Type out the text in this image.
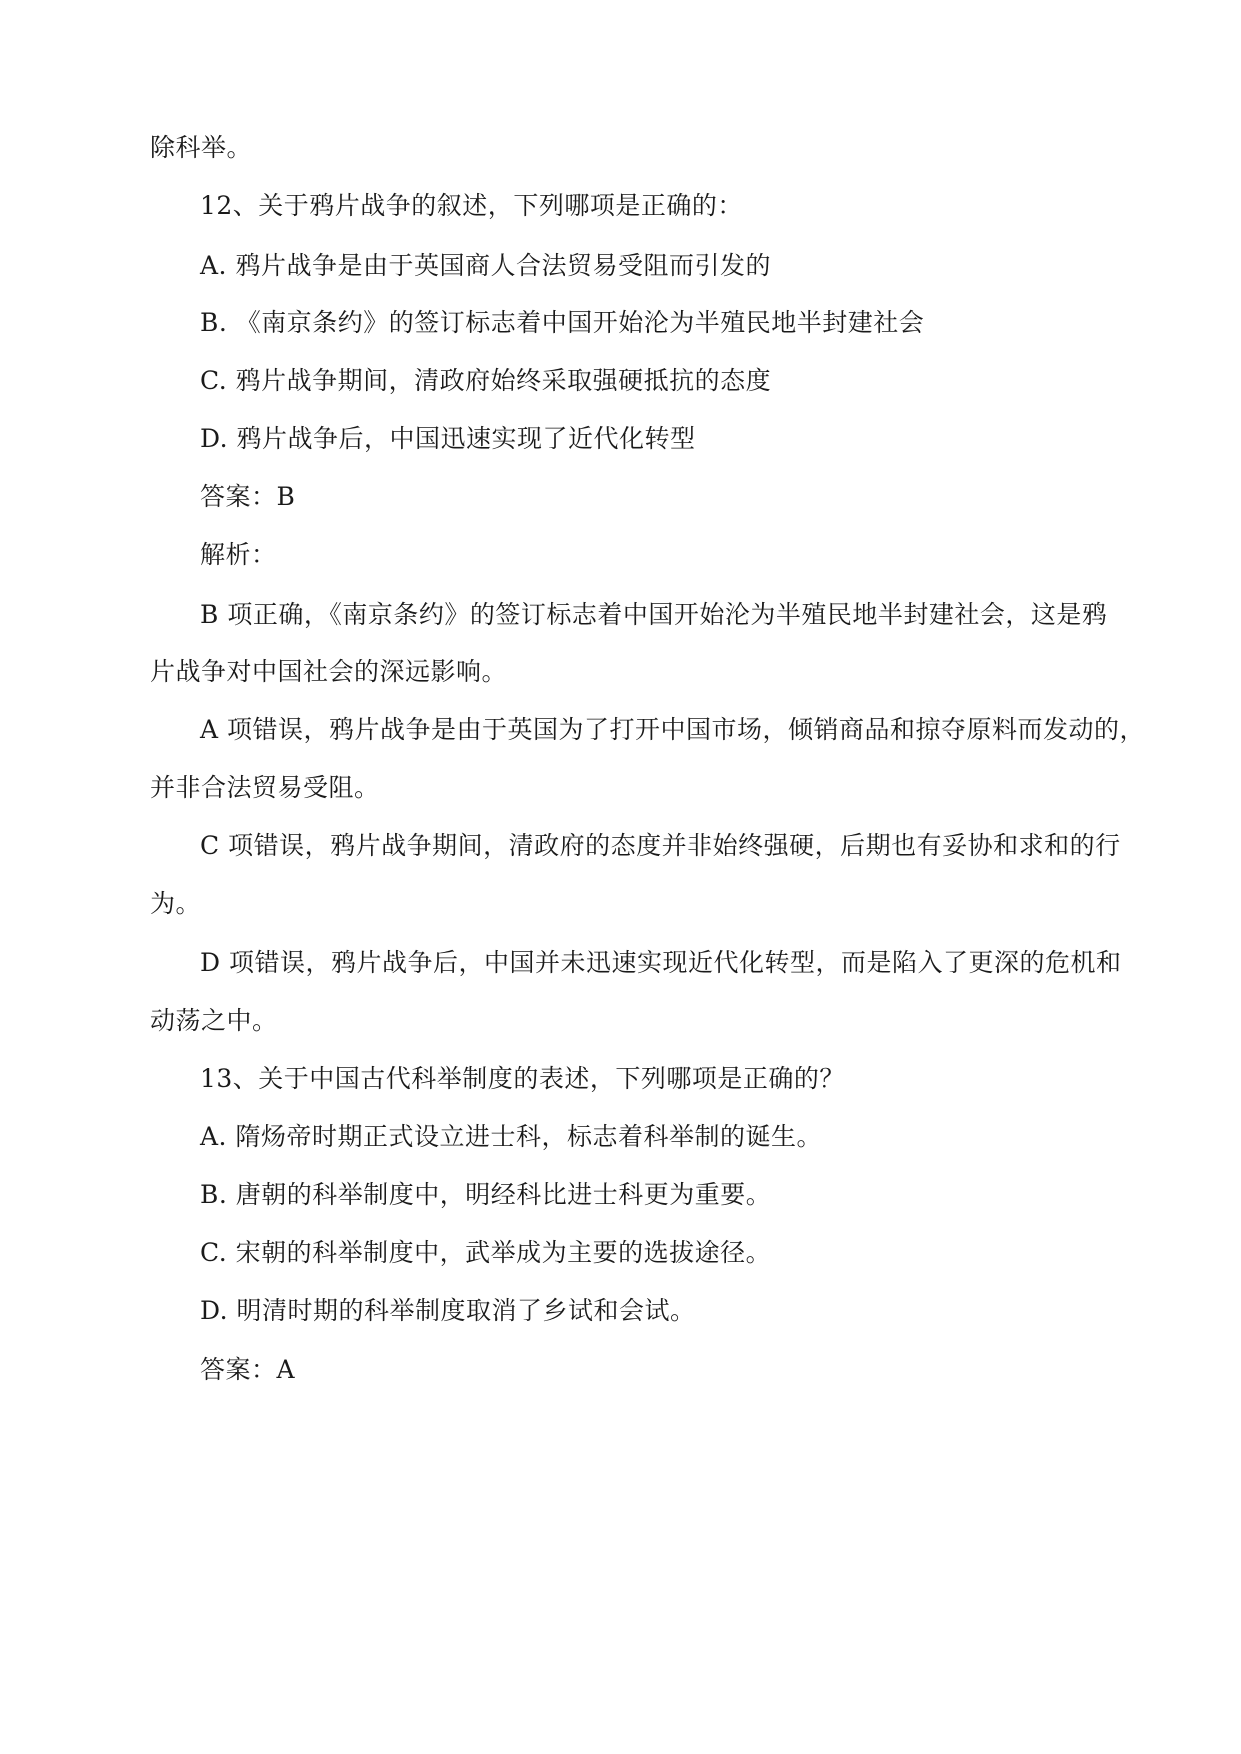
除科举。
12、关于鸦片战争的叙述，下列哪项是正确的：
A. 鸦片战争是由于英国商人合法贸易受阻而引发的
B. 《南京条约》的签订标志着中国开始沦为半殖民地半封建社会
C. 鸦片战争期间，清政府始终采取强硬抵抗的态度
D. 鸦片战争后，中国迅速实现了近代化转型
答案：B
解析：
B 项正确，《南京条约》的签订标志着中国开始沦为半殖民地半封建社会，这是鸦
片战争对中国社会的深远影响。
A 项错误，鸦片战争是由于英国为了打开中国市场，倾销商品和掠夺原料而发动的，
并非合法贸易受阻。
C 项错误，鸦片战争期间，清政府的态度并非始终强硬，后期也有妥协和求和的行
为。
D 项错误，鸦片战争后，中国并未迅速实现近代化转型，而是陷入了更深的危机和
动荡之中。
13、关于中国古代科举制度的表述，下列哪项是正确的？
A. 隋炀帝时期正式设立进士科，标志着科举制的诞生。
B. 唐朝的科举制度中，明经科比进士科更为重要。
C. 宋朝的科举制度中，武举成为主要的选拔途径。
D. 明清时期的科举制度取消了乡试和会试。
答案：A
